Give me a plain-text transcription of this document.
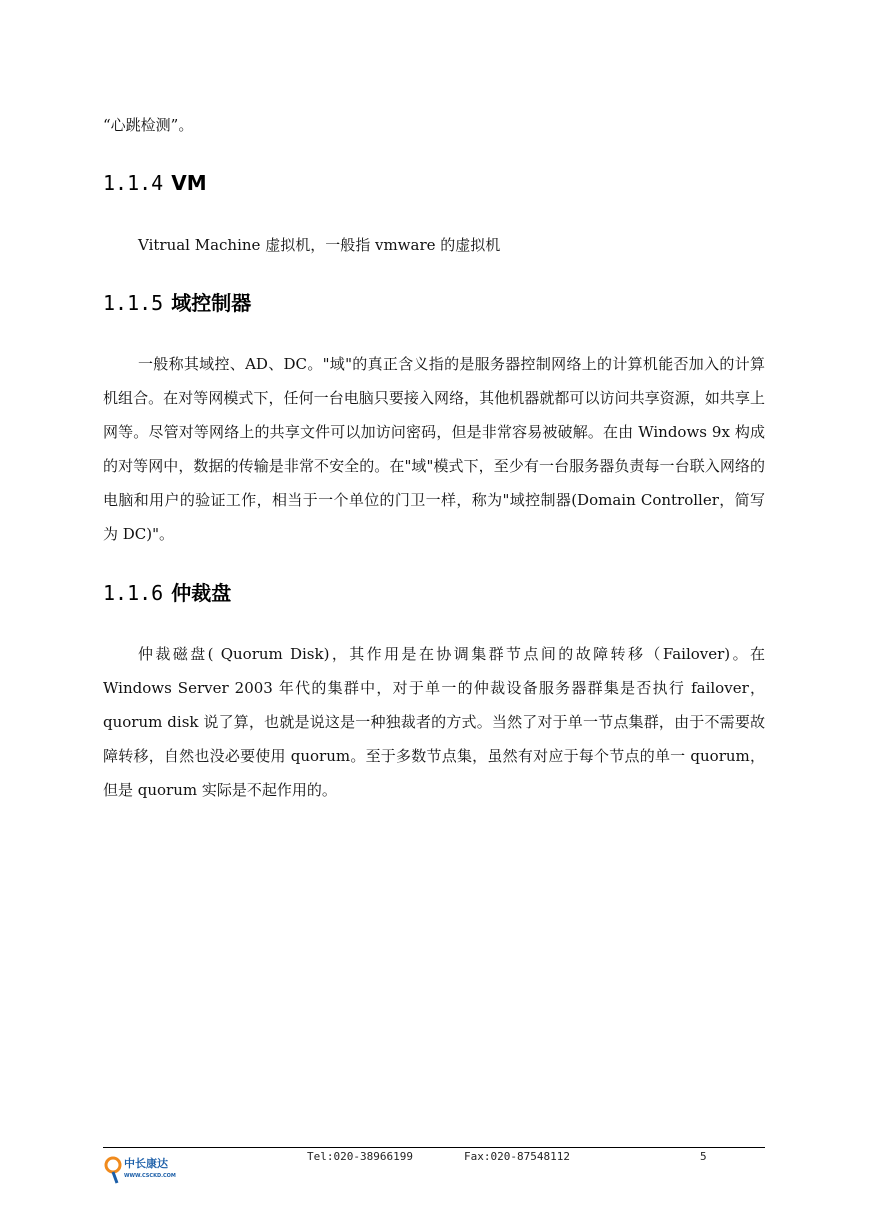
“心跳检测”。

1.1.4 VM

Vitrual Machine 虚拟机，一般指 vmware 的虚拟机

1.1.5 域控制器

一般称其域控、AD、DC。"域"的真正含义指的是服务器控制网络上的计算机能否加入的计算机组合。在对等网模式下，任何一台电脑只要接入网络，其他机器就都可以访问共享资源，如共享上网等。尽管对等网络上的共享文件可以加访问密码，但是非常容易被破解。在由 Windows 9x 构成的对等网中，数据的传输是非常不安全的。在"域"模式下，至少有一台服务器负责每一台联入网络的电脑和用户的验证工作，相当于一个单位的门卫一样，称为"域控制器(Domain Controller，简写为 DC)"。

1.1.6 仲裁盘

仲裁磁盘( Quorum Disk)，其作用是在协调集群节点间的故障转移（Failover)。在 Windows Server 2003 年代的集群中，对于单一的仲裁设备服务器群集是否执行 failover，quorum disk 说了算，也就是说这是一种独裁者的方式。当然了对于单一节点集群，由于不需要故障转移，自然也没必要使用 quorum。至于多数节点集，虽然有对应于每个节点的单一 quorum，但是 quorum 实际是不起作用的。

中长康达
WWW.CSCKD.COM
Tel:020-38966199	Fax:020-87548112	5
